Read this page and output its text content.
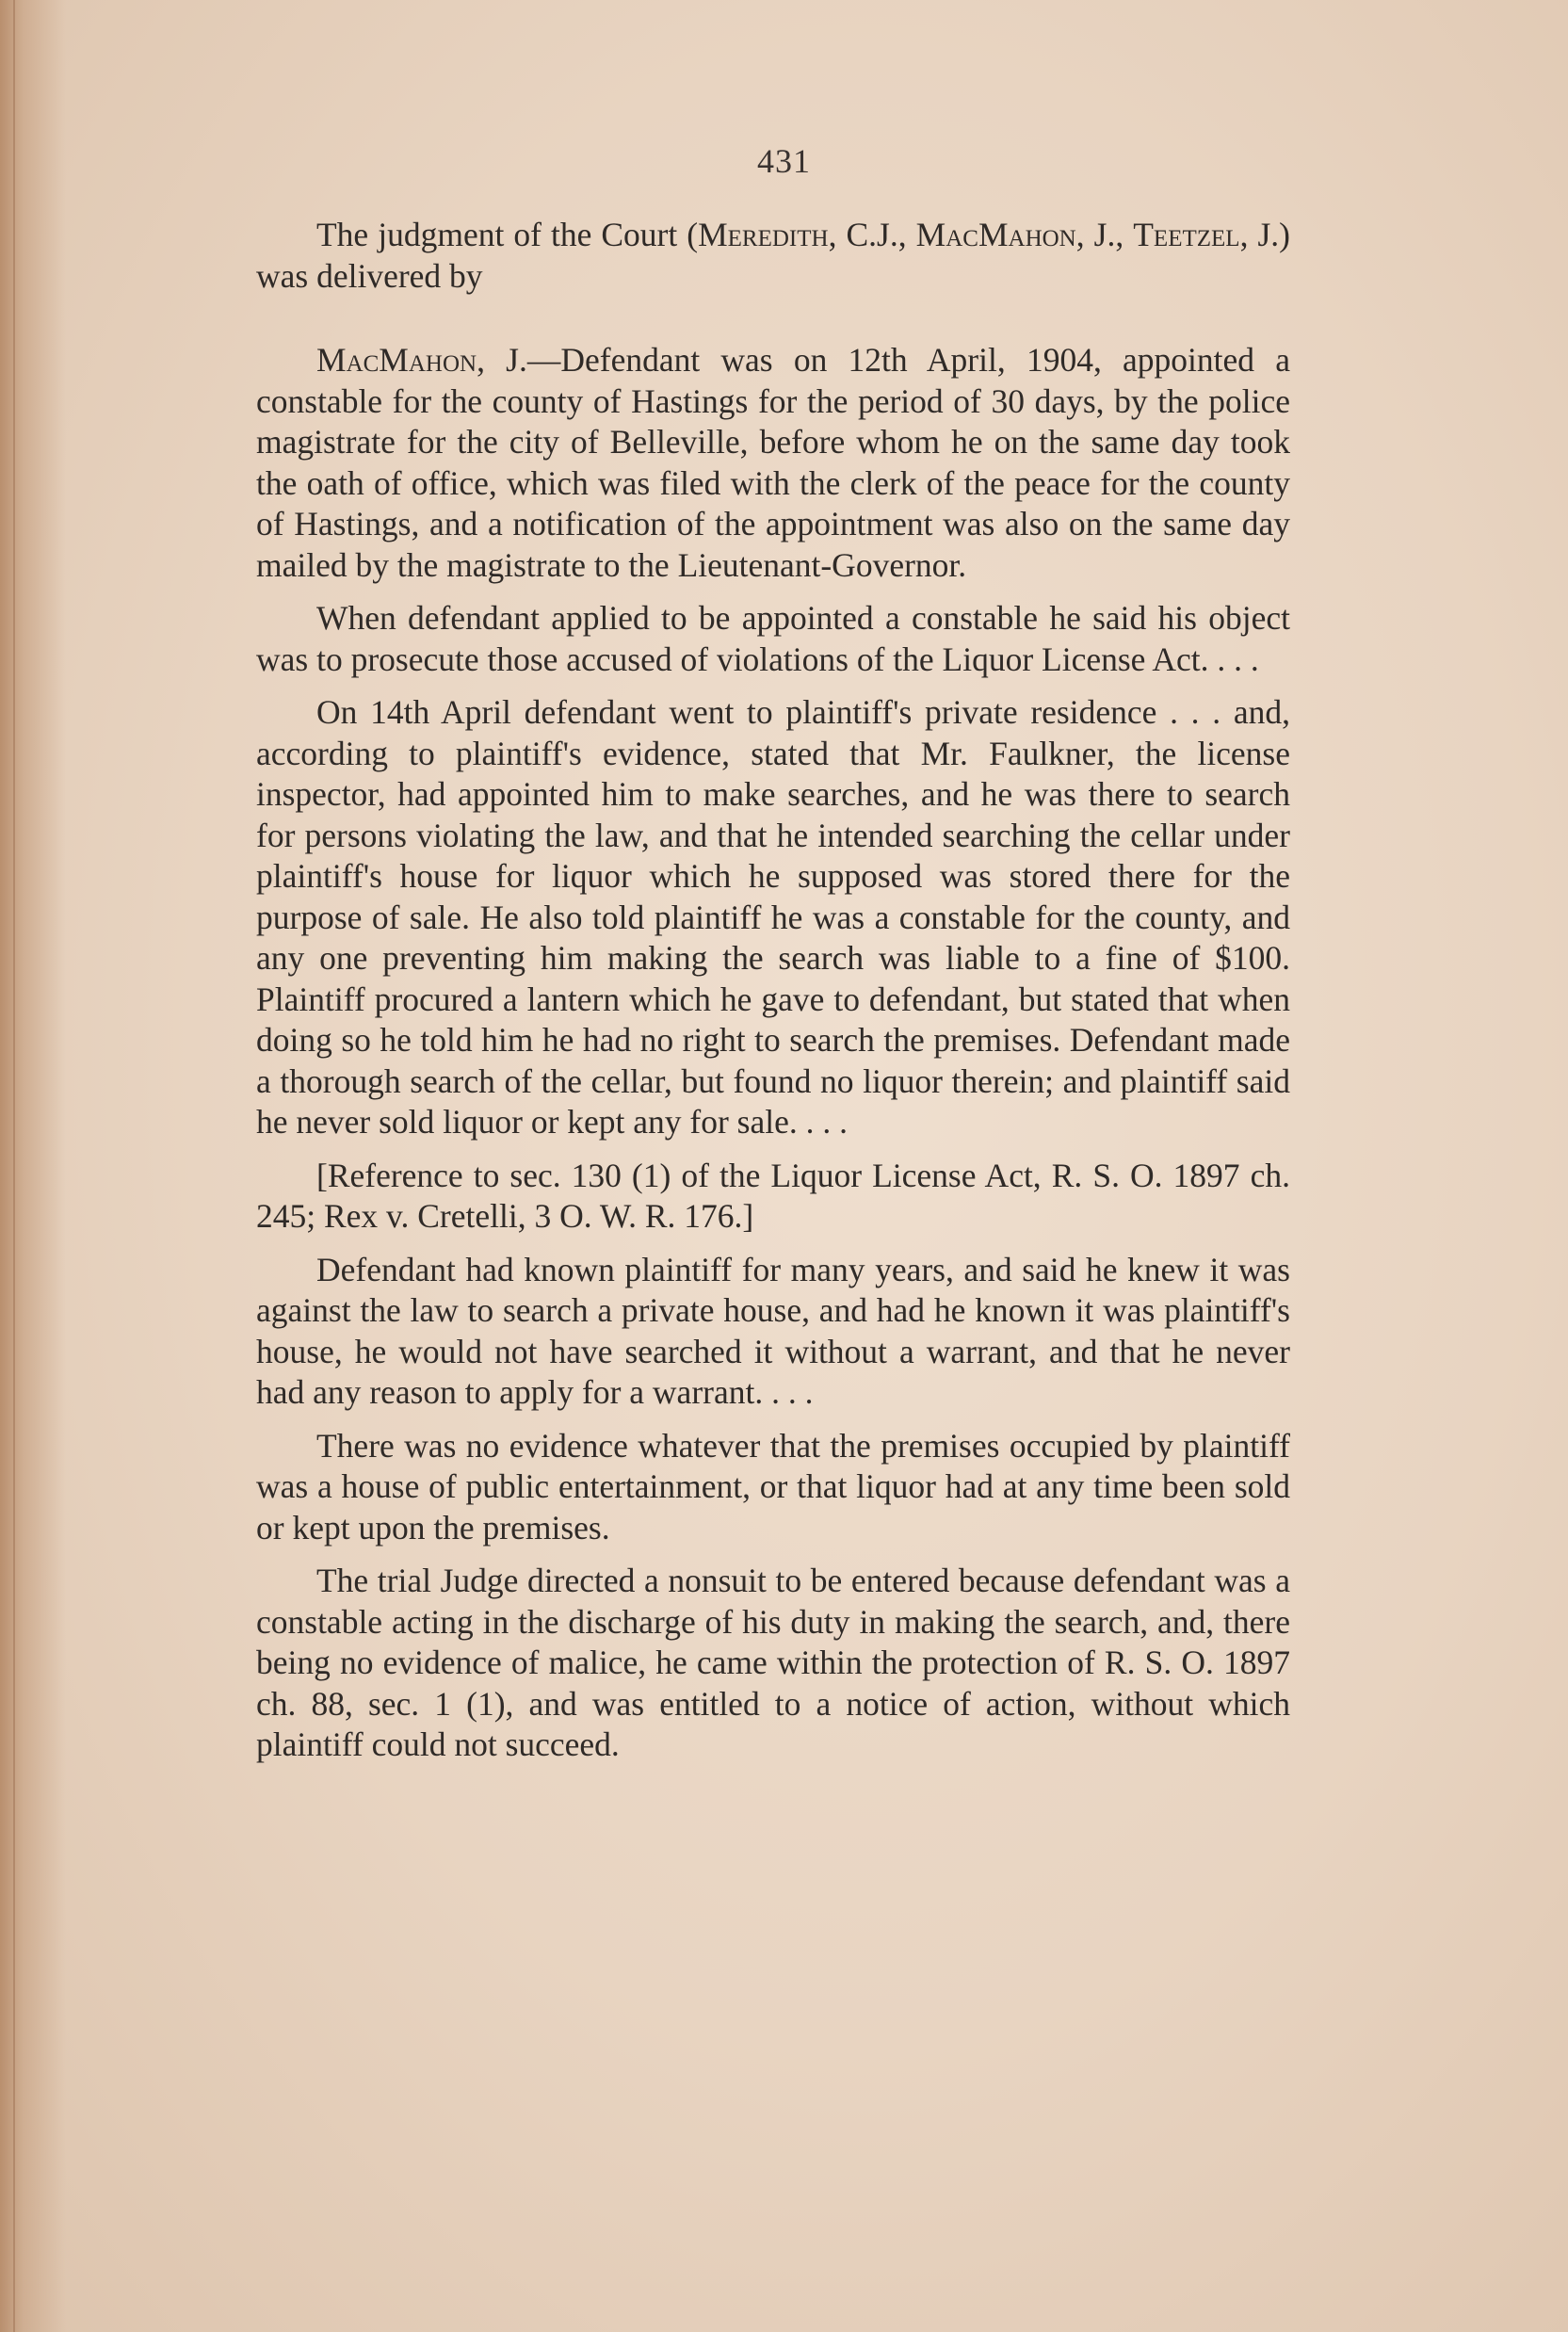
431

The judgment of the Court (Meredith, C.J., MacMahon, J., Teetzel, J.) was delivered by

MacMahon, J.—Defendant was on 12th April, 1904, appointed a constable for the county of Hastings for the period of 30 days, by the police magistrate for the city of Belleville, before whom he on the same day took the oath of office, which was filed with the clerk of the peace for the county of Hastings, and a notification of the appointment was also on the same day mailed by the magistrate to the Lieutenant-Governor.

When defendant applied to be appointed a constable he said his object was to prosecute those accused of violations of the Liquor License Act. . . .

On 14th April defendant went to plaintiff's private residence . . . and, according to plaintiff's evidence, stated that Mr. Faulkner, the license inspector, had appointed him to make searches, and he was there to search for persons violating the law, and that he intended searching the cellar under plaintiff's house for liquor which he supposed was stored there for the purpose of sale. He also told plaintiff he was a constable for the county, and any one preventing him making the search was liable to a fine of $100. Plaintiff procured a lantern which he gave to defendant, but stated that when doing so he told him he had no right to search the premises. Defendant made a thorough search of the cellar, but found no liquor therein; and plaintiff said he never sold liquor or kept any for sale. . . .

[Reference to sec. 130 (1) of the Liquor License Act, R. S. O. 1897 ch. 245; Rex v. Cretelli, 3 O. W. R. 176.]

Defendant had known plaintiff for many years, and said he knew it was against the law to search a private house, and had he known it was plaintiff's house, he would not have searched it without a warrant, and that he never had any reason to apply for a warrant. . . .

There was no evidence whatever that the premises occupied by plaintiff was a house of public entertainment, or that liquor had at any time been sold or kept upon the premises.

The trial Judge directed a nonsuit to be entered because defendant was a constable acting in the discharge of his duty in making the search, and, there being no evidence of malice, he came within the protection of R. S. O. 1897 ch. 88, sec. 1 (1), and was entitled to a notice of action, without which plaintiff could not succeed.
